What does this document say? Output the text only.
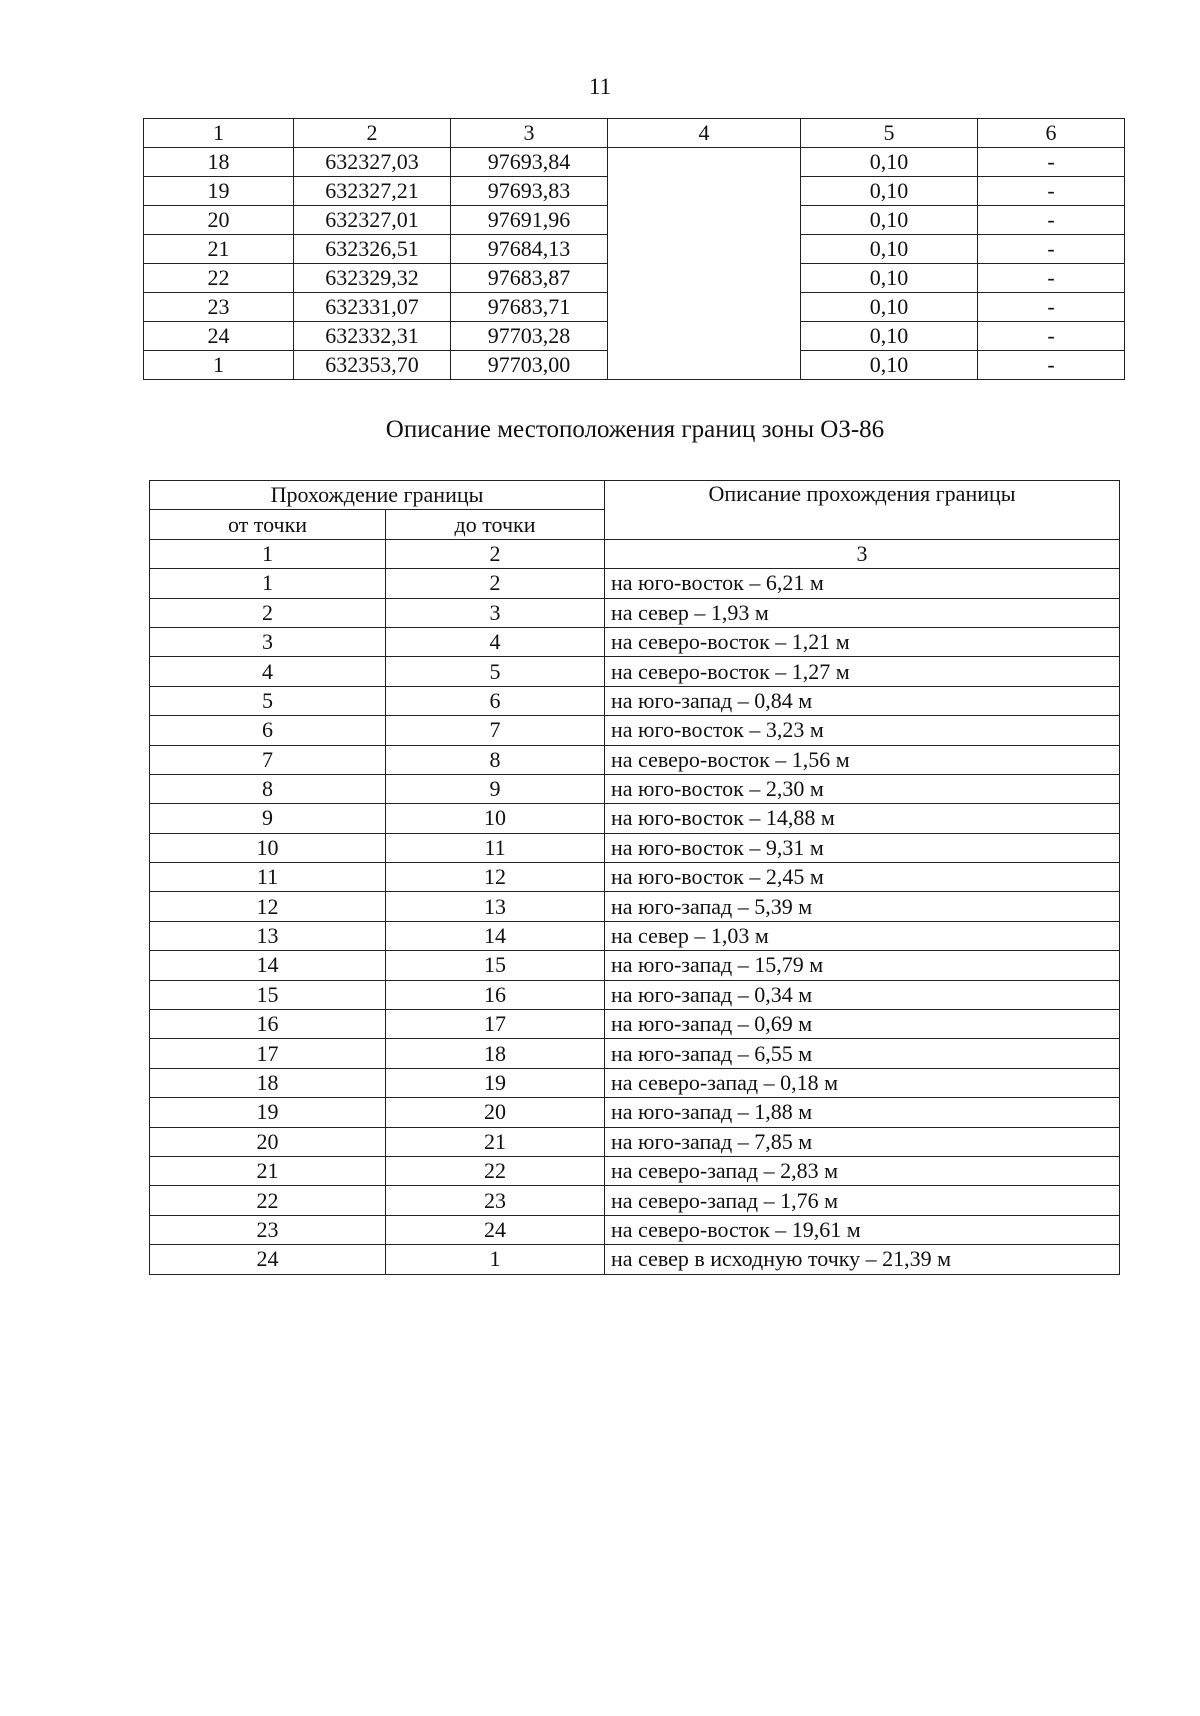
11
1	2	3	4	5	6
18	632327,03	97693,84		0,10	-
19	632327,21	97693,83		0,10	-
20	632327,01	97691,96		0,10	-
21	632326,51	97684,13		0,10	-
22	632329,32	97683,87		0,10	-
23	632331,07	97683,71		0,10	-
24	632332,31	97703,28		0,10	-
1	632353,70	97703,00		0,10	-
Описание местоположения границ зоны ОЗ-86
Прохождение границы		Описание прохождения границы
от точки	до точки	
1	2	3
1	2	на юго-восток – 6,21 м
2	3	на север – 1,93 м
3	4	на северо-восток – 1,21 м
4	5	на северо-восток – 1,27 м
5	6	на юго-запад – 0,84 м
6	7	на юго-восток – 3,23 м
7	8	на северо-восток – 1,56 м
8	9	на юго-восток – 2,30 м
9	10	на юго-восток – 14,88 м
10	11	на юго-восток – 9,31 м
11	12	на юго-восток – 2,45 м
12	13	на юго-запад – 5,39 м
13	14	на север – 1,03 м
14	15	на юго-запад – 15,79 м
15	16	на юго-запад – 0,34 м
16	17	на юго-запад – 0,69 м
17	18	на юго-запад – 6,55 м
18	19	на северо-запад – 0,18 м
19	20	на юго-запад – 1,88 м
20	21	на юго-запад – 7,85 м
21	22	на северо-запад – 2,83 м
22	23	на северо-запад – 1,76 м
23	24	на северо-восток – 19,61 м
24	1	на север в исходную точку – 21,39 м
